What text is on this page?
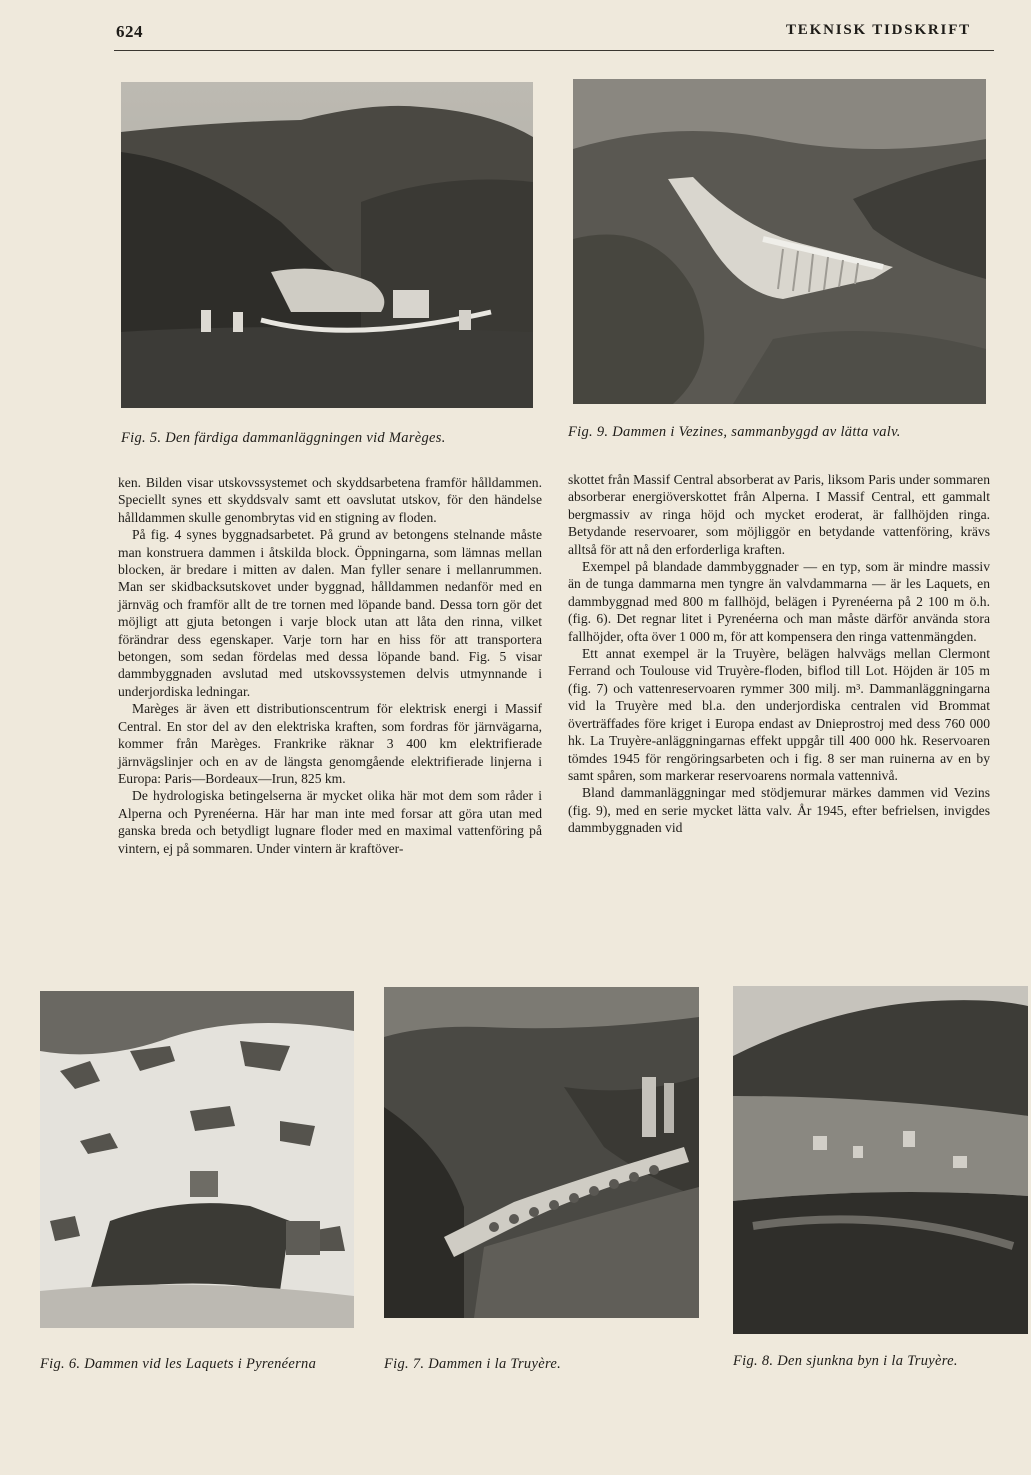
624	TEKNISK TIDSKRIFT
Fig. 5. Den färdiga dammanläggningen vid Marèges.	Fig. 9. Dammen i Vezines, sammanbyggd av lätta valv.

ken. Bilden visar utskovssystemet och skyddsarbetena framför hålldammen. Speciellt synes ett skyddsvalv samt ett oavslutat utskov, för den händelse hålldammen skulle genombrytas vid en stigning av floden.

På fig. 4 synes byggnadsarbetet. På grund av betongens stelnande måste man konstruera dammen i åtskilda block. Öppningarna, som lämnas mellan blocken, är bredare i mitten av dalen. Man fyller senare i mellanrummen. Man ser skidbacksutskovet under byggnad, hålldammen nedanför med en järnväg och framför allt de tre tornen med löpande band. Dessa torn gör det möjligt att gjuta betongen i varje block utan att låta den rinna, vilket förändrar dess egenskaper. Varje torn har en hiss för att transportera betongen, som sedan fördelas med dessa löpande band. Fig. 5 visar dammbyggnaden avslutad med utskovssystemen delvis utmynnande i underjordiska ledningar.

Marèges är även ett distributionscentrum för elektrisk energi i Massif Central. En stor del av den elektriska kraften, som fordras för järnvägarna, kommer från Marèges. Frankrike räknar 3 400 km elektrifierade järnvägslinjer och en av de längsta genomgående elektrifierade linjerna i Europa: Paris—Bordeaux—Irun, 825 km.

De hydrologiska betingelserna är mycket olika här mot dem som råder i Alperna och Pyrenéerna. Här har man inte med forsar att göra utan med ganska breda och betydligt lugnare floder med en maximal vattenföring på vintern, ej på sommaren. Under vintern är kraftöver-

skottet från Massif Central absorberat av Paris, liksom Paris under sommaren absorberar energiöverskottet från Alperna. I Massif Central, ett gammalt bergmassiv av ringa höjd och mycket eroderat, är fallhöjden ringa. Betydande reservoarer, som möjliggör en betydande vattenföring, krävs alltså för att nå den erforderliga kraften.

Exempel på blandade dammbyggnader — en typ, som är mindre massiv än de tunga dammarna men tyngre än valvdammarna — är les Laquets, en dammbyggnad med 800 m fallhöjd, belägen i Pyrenéerna på 2 100 m ö.h. (fig. 6). Det regnar litet i Pyrenéerna och man måste därför använda stora fallhöjder, ofta över 1 000 m, för att kompensera den ringa vattenmängden.

Ett annat exempel är la Truyère, belägen halvvägs mellan Clermont Ferrand och Toulouse vid Truyère-floden, biflod till Lot. Höjden är 105 m (fig. 7) och vattenreservoaren rymmer 300 milj. m³. Dammanläggningarna vid la Truyère med bl.a. den underjordiska centralen vid Brommat överträffades före kriget i Europa endast av Dnieprostroj med dess 760 000 hk. La Truyère-anläggningarnas effekt uppgår till 400 000 hk. Reservoaren tömdes 1945 för rengöringsarbeten och i fig. 8 ser man ruinerna av en by samt spåren, som markerar reservoarens normala vattennivå.

Bland dammanläggningar med stödjemurar märkes dammen vid Vezins (fig. 9), med en serie mycket lätta valv. År 1945, efter befrielsen, invigdes dammbyggnaden vid

Fig. 6. Dammen vid les Laquets i Pyrenéerna	Fig. 7. Dammen i la Truyère.	Fig. 8. Den sjunkna byn i la Truyère.
